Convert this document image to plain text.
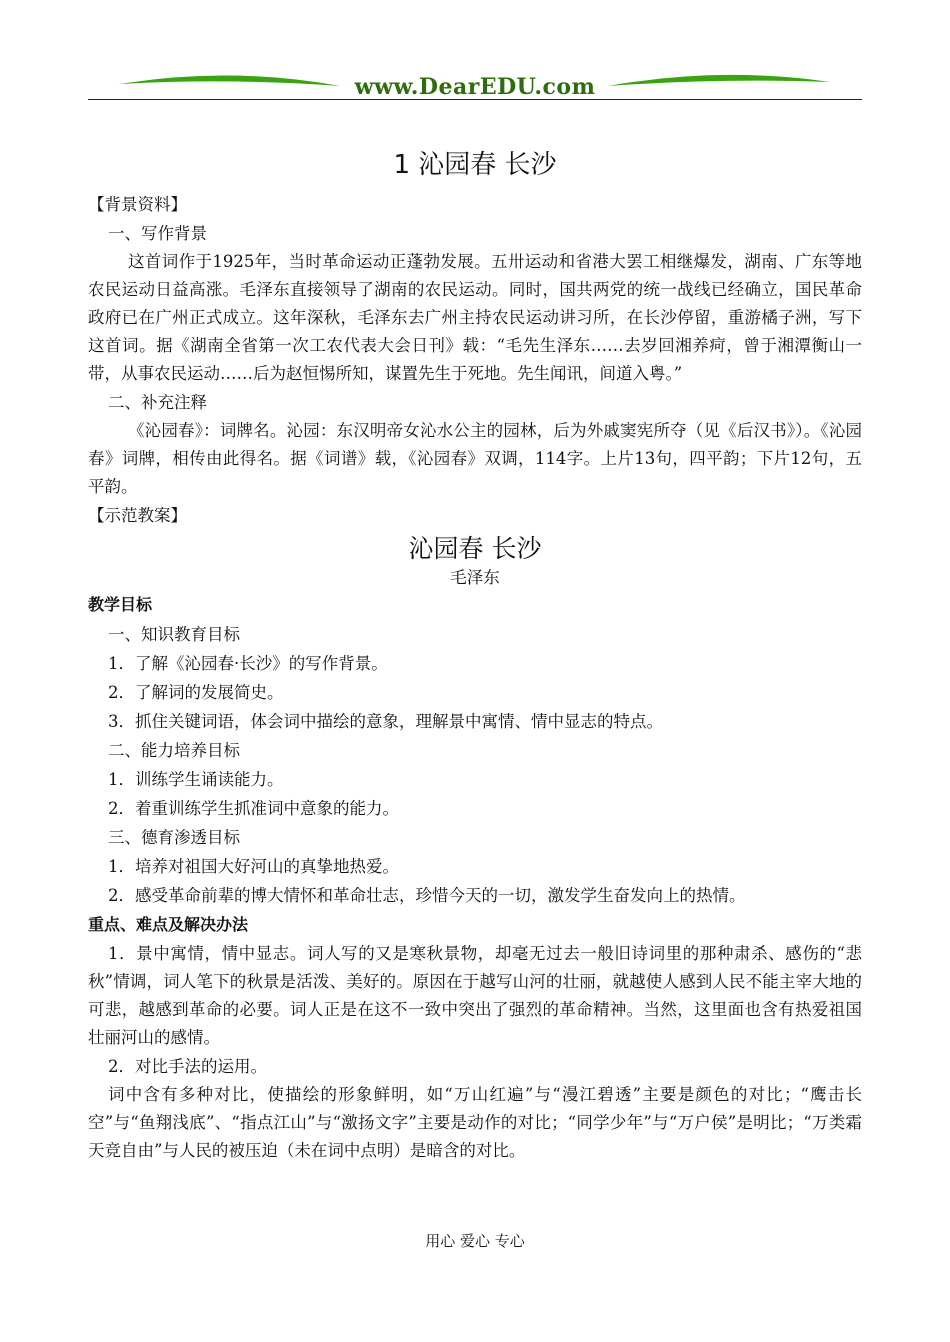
www.DearEDU.com
1 沁园春 长沙
【背景资料】
一、写作背景
这首词作于1925年，当时革命运动正蓬勃发展。五卅运动和省港大罢工相继爆发，湖南、广东等地农民运动日益高涨。毛泽东直接领导了湖南的农民运动。同时，国共两党的统一战线已经确立，国民革命政府已在广州正式成立。这年深秋，毛泽东去广州主持农民运动讲习所，在长沙停留，重游橘子洲，写下这首词。据《湖南全省第一次工农代表大会日刊》载：“毛先生泽东……去岁回湘养疴，曾于湘潭衡山一带，从事农民运动……后为赵恒惕所知，谋置先生于死地。先生闻讯，间道入粤。”
二、补充注释
《沁园春》：词牌名。沁园：东汉明帝女沁水公主的园林，后为外戚窦宪所夺（见《后汉书》）。《沁园春》词牌，相传由此得名。据《词谱》载，《沁园春》双调，114字。上片13句，四平韵；下片12句，五平韵。
【示范教案】
沁园春 长沙
毛泽东
教学目标
一、知识教育目标
1．了解《沁园春·长沙》的写作背景。
2．了解词的发展简史。
3．抓住关键词语，体会词中描绘的意象，理解景中寓情、情中显志的特点。
二、能力培养目标
1．训练学生诵读能力。
2．着重训练学生抓准词中意象的能力。
三、德育渗透目标
1．培养对祖国大好河山的真挚地热爱。
2．感受革命前辈的博大情怀和革命壮志，珍惜今天的一切，激发学生奋发向上的热情。
重点、难点及解决办法
1．景中寓情，情中显志。词人写的又是寒秋景物，却毫无过去一般旧诗词里的那种肃杀、感伤的“悲秋”情调，词人笔下的秋景是活泼、美好的。原因在于越写山河的壮丽，就越使人感到人民不能主宰大地的可悲，越感到革命的必要。词人正是在这不一致中突出了强烈的革命精神。当然，这里面也含有热爱祖国壮丽河山的感情。
2．对比手法的运用。
词中含有多种对比，使描绘的形象鲜明，如“万山红遍”与“漫江碧透”主要是颜色的对比；“鹰击长空”与“鱼翔浅底”、“指点江山”与“激扬文字”主要是动作的对比；“同学少年”与“万户侯”是明比；“万类霜天竞自由”与人民的被压迫（未在词中点明）是暗含的对比。
用心 爱心 专心
